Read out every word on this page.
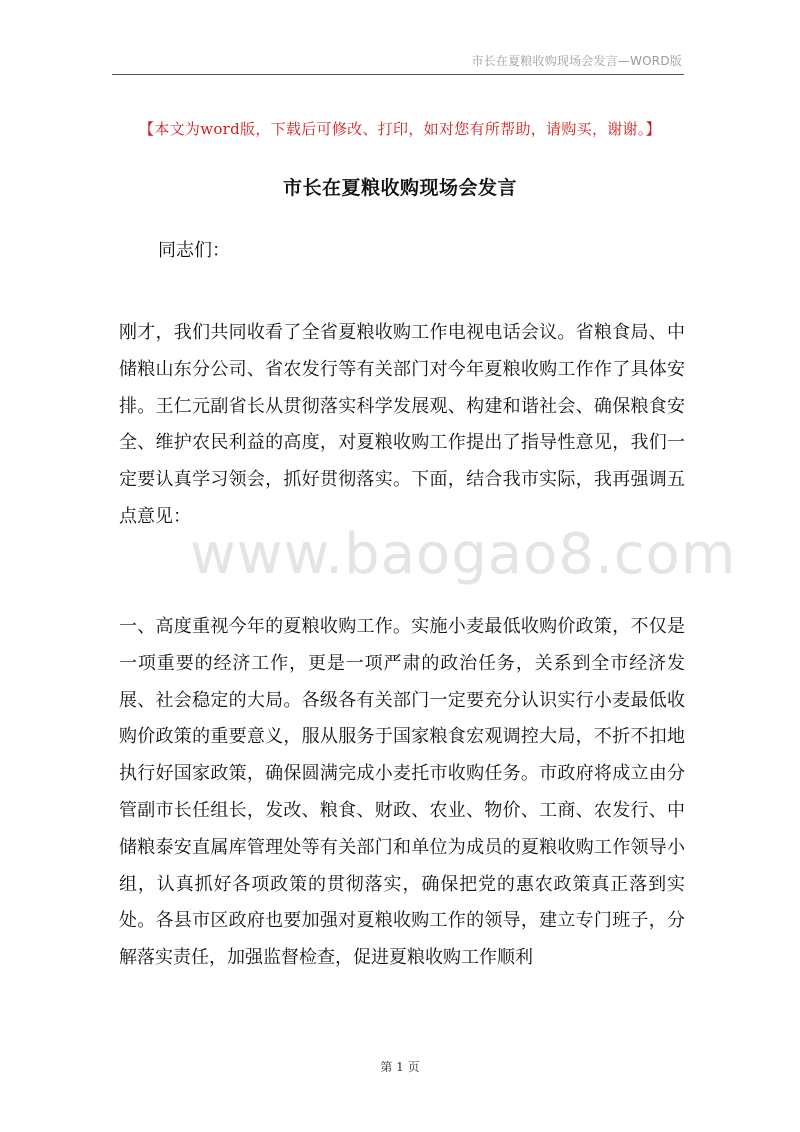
市长在夏粮收购现场会发言—WORD版
【本文为word版，下载后可修改、打印，如对您有所帮助，请购买，谢谢。】
市长在夏粮收购现场会发言
同志们：
刚才，我们共同收看了全省夏粮收购工作电视电话会议。省粮食局、中储粮山东分公司、省农发行等有关部门对今年夏粮收购工作作了具体安排。王仁元副省长从贯彻落实科学发展观、构建和谐社会、确保粮食安全、维护农民利益的高度，对夏粮收购工作提出了指导性意见，我们一定要认真学习领会，抓好贯彻落实。下面，结合我市实际，我再强调五点意见：
www.baogao8.com
一、高度重视今年的夏粮收购工作。实施小麦最低收购价政策，不仅是一项重要的经济工作，更是一项严肃的政治任务，关系到全市经济发展、社会稳定的大局。各级各有关部门一定要充分认识实行小麦最低收购价政策的重要意义，服从服务于国家粮食宏观调控大局，不折不扣地执行好国家政策，确保圆满完成小麦托市收购任务。市政府将成立由分管副市长任组长，发改、粮食、财政、农业、物价、工商、农发行、中储粮泰安直属库管理处等有关部门和单位为成员的夏粮收购工作领导小组，认真抓好各项政策的贯彻落实，确保把党的惠农政策真正落到实处。各县市区政府也要加强对夏粮收购工作的领导，建立专门班子，分解落实责任，加强监督检查，促进夏粮收购工作顺利
第 1 页
